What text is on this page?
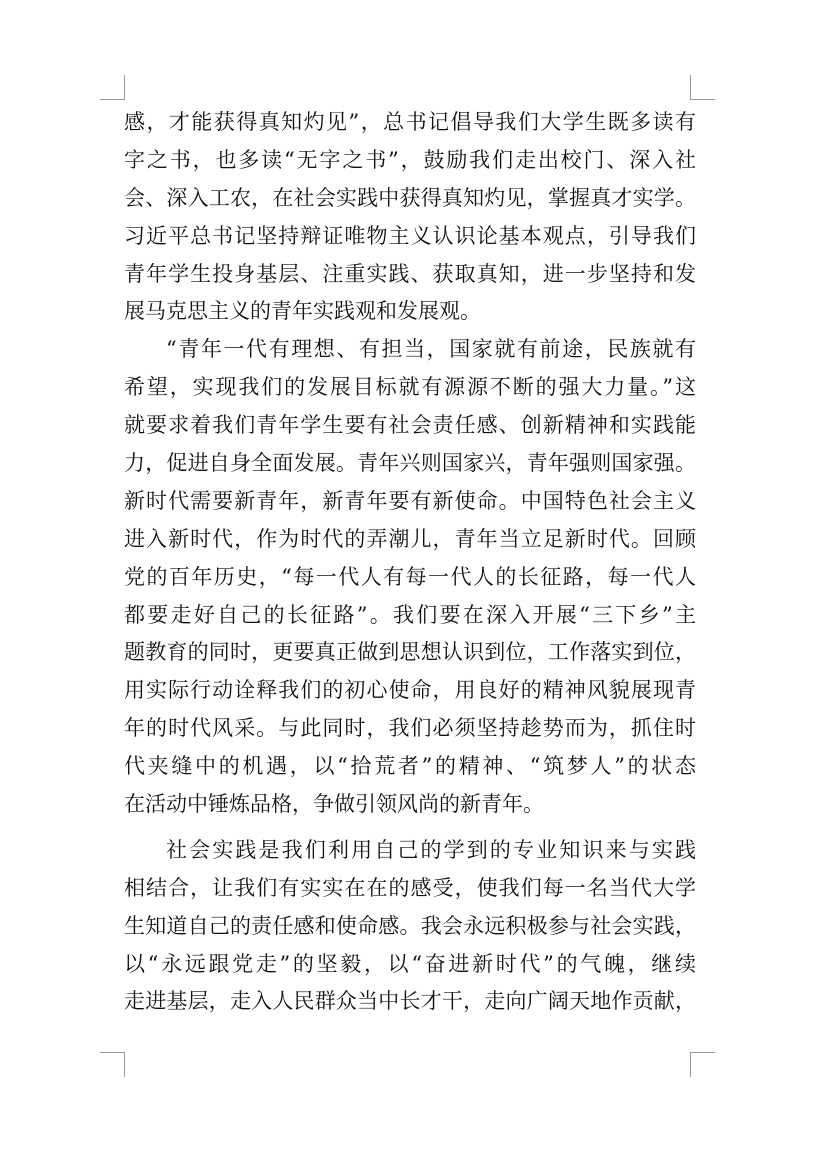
感，才能获得真知灼见”，总书记倡导我们大学生既多读有
字之书，也多读“无字之书”，鼓励我们走出校门、深入社
会、深入工农，在社会实践中获得真知灼见，掌握真才实学。
习近平总书记坚持辩证唯物主义认识论基本观点，引导我们
青年学生投身基层、注重实践、获取真知，进一步坚持和发
展马克思主义的青年实践观和发展观。
“青年一代有理想、有担当，国家就有前途，民族就有
希望，实现我们的发展目标就有源源不断的强大力量。”这
就要求着我们青年学生要有社会责任感、创新精神和实践能
力，促进自身全面发展。青年兴则国家兴，青年强则国家强。
新时代需要新青年，新青年要有新使命。中国特色社会主义
进入新时代，作为时代的弄潮儿，青年当立足新时代。回顾
党的百年历史，“每一代人有每一代人的长征路，每一代人
都要走好自己的长征路”。我们要在深入开展“三下乡”主
题教育的同时，更要真正做到思想认识到位，工作落实到位，
用实际行动诠释我们的初心使命，用良好的精神风貌展现青
年的时代风采。与此同时，我们必须坚持趁势而为，抓住时
代夹缝中的机遇，以“拾荒者”的精神、“筑梦人”的状态
在活动中锤炼品格，争做引领风尚的新青年。
社会实践是我们利用自己的学到的专业知识来与实践
相结合，让我们有实实在在的感受，使我们每一名当代大学
生知道自己的责任感和使命感。我会永远积极参与社会实践，
以“永远跟党走”的坚毅，以“奋进新时代”的气魄，继续
走进基层，走入人民群众当中长才干，走向广阔天地作贡献，
